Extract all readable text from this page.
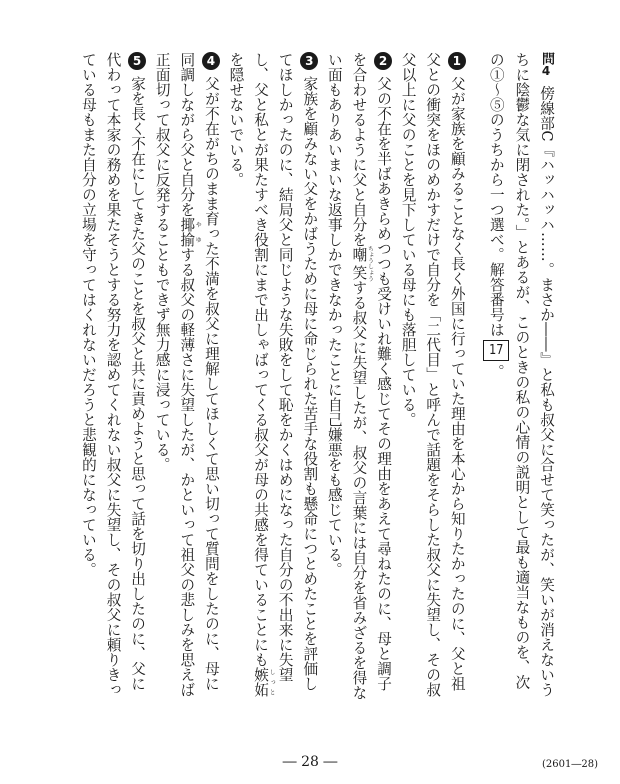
問4傍線部C『ハッハッハ……。まさか――』と私も叔父に合せて笑ったが、笑いが消えないうちに陰鬱な気に閉された。」とあるが、このときの私の心情の説明として最も適当なものを、次の①～⑤のうちから一つ選べ。解答番号は17。

1父が家族を顧みることなく長く外国に行っていた理由を本心から知りたかったのに、父と祖父との衝突をほのめかすだけで自分を「二代目」と呼んで話題をそらした叔父に失望し、その叔父以上に父のことを見下している母にも落胆している。

2父の不在を半ばあきらめつつも受けいれ難く感じてその理由をあえて尋ねたのに、母と調子を合わせるように父と自分を嘲笑 ちょうしょうする叔父に失望したが、叔父の言葉には自分を省みざるを得ない面もありあいまいな返事しかできなかったことに自己嫌悪をも感じている。

3家族を顧みない父をかばうために母に命じられた苦手な役割も懸命につとめたことを評価してほしかったのに、結局父と同じような失敗をして恥をかくはめになった自分の不出来に失望し、父と私とが果たすべき役割にまで出しゃばってくる叔父が母の共感を得ていることにも嫉妬 しっとを隠せないでいる。

4父が不在がちのまま育った不満を叔父に理解してほしくて思い切って質問をしたのに、母に同調しながら父と自分を揶揄 やゆする叔父の軽薄さに失望したが、かといって祖父の悲しみを思えば正面切って叔父に反発することもできず無力感に浸っている。

5家を長く不在にしてきた父のことを叔父と共に責めようと思って話を切り出したのに、父に代わって本家の務めを果たそうとする努力を認めてくれない叔父に失望し、その叔父に頼りきっている母もまた自分の立場を守ってはくれないだろうと悲観的になっている。

― 28 ―	(2601―28)
